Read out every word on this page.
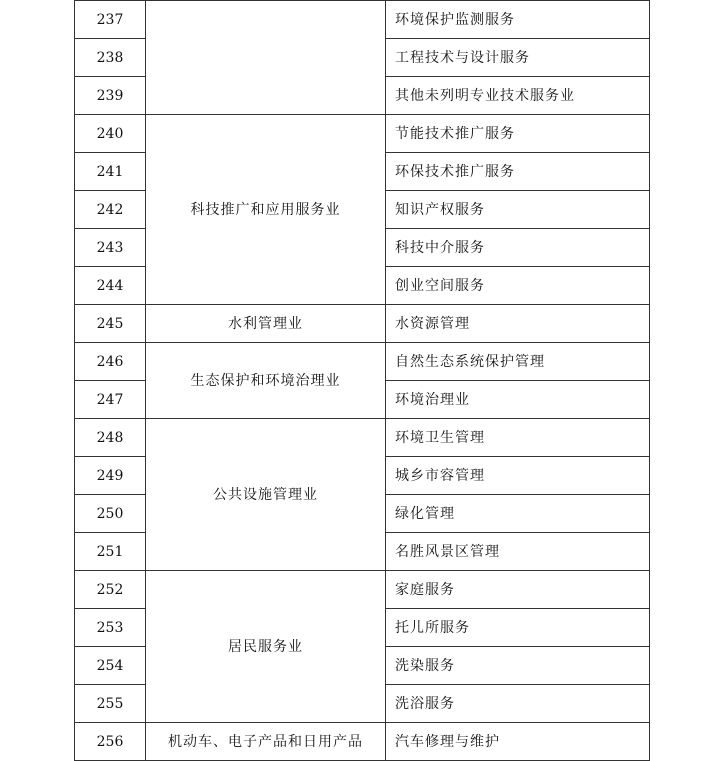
237		环境保护监测服务
238		工程技术与设计服务
239		其他未列明专业技术服务业
240	科技推广和应用服务业	节能技术推广服务
241		环保技术推广服务
242		知识产权服务
243		科技中介服务
244		创业空间服务
245	水利管理业	水资源管理
246	生态保护和环境治理业	自然生态系统保护管理
247		环境治理业
248	公共设施管理业	环境卫生管理
249		城乡市容管理
250		绿化管理
251		名胜风景区管理
252	居民服务业	家庭服务
253		托儿所服务
254		洗染服务
255		洗浴服务
256	机动车、电子产品和日用产品	汽车修理与维护
